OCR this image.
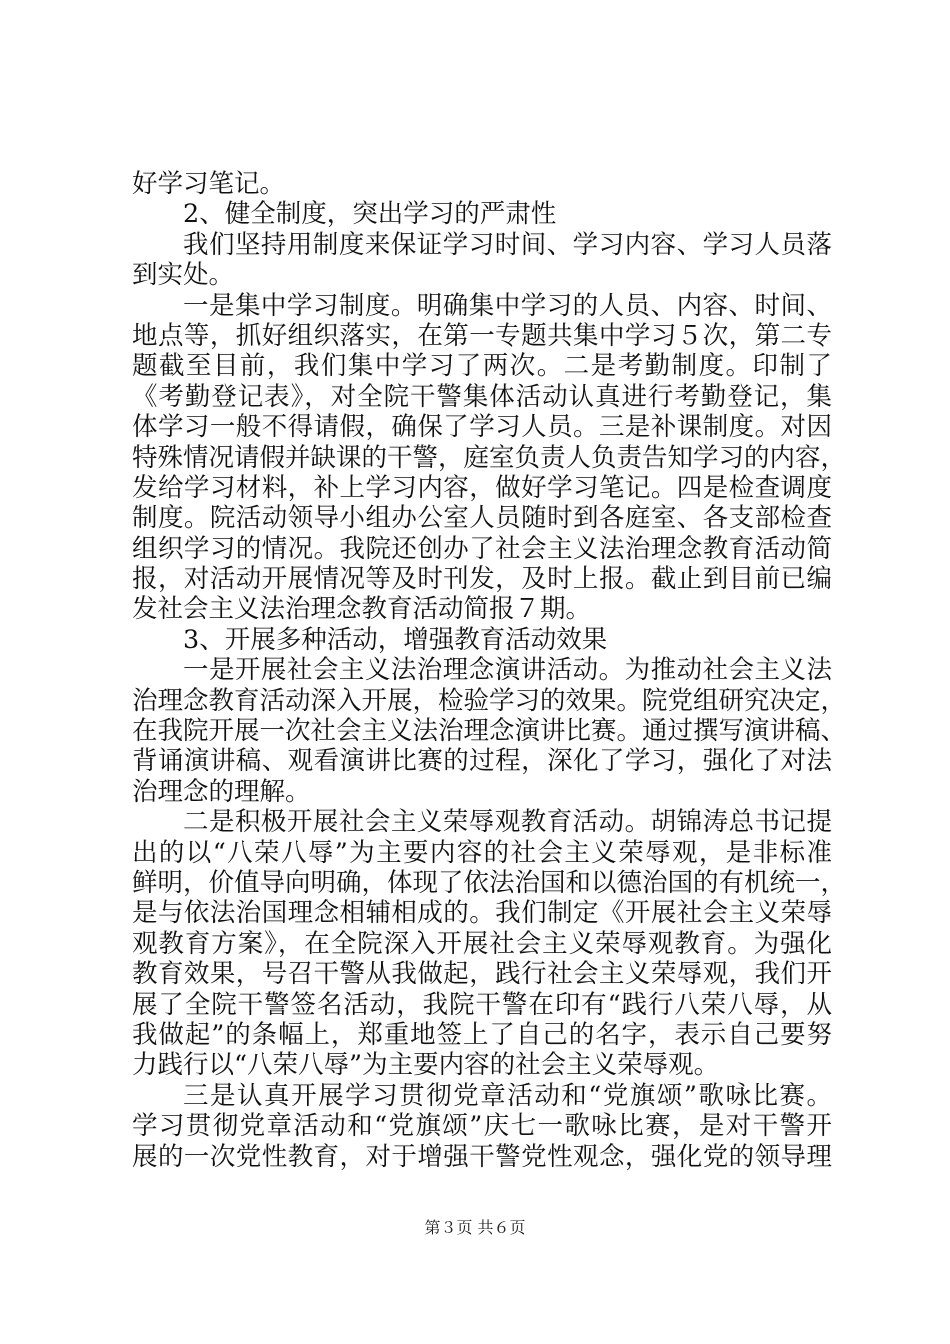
好学习笔记。
2、健全制度，突出学习的严肃性
我们坚持用制度来保证学习时间、学习内容、学习人员落
到实处。
一是集中学习制度。明确集中学习的人员、内容、时间、
地点等，抓好组织落实，在第一专题共集中学习５次，第二专
题截至目前，我们集中学习了两次。二是考勤制度。印制了
《考勤登记表》，对全院干警集体活动认真进行考勤登记，集
体学习一般不得请假，确保了学习人员。三是补课制度。对因
特殊情况请假并缺课的干警，庭室负责人负责告知学习的内容，
发给学习材料，补上学习内容，做好学习笔记。四是检查调度
制度。院活动领导小组办公室人员随时到各庭室、各支部检查
组织学习的情况。我院还创办了社会主义法治理念教育活动简
报，对活动开展情况等及时刊发，及时上报。截止到目前已编
发社会主义法治理念教育活动简报７期。
3、开展多种活动，增强教育活动效果
一是开展社会主义法治理念演讲活动。为推动社会主义法
治理念教育活动深入开展，检验学习的效果。院党组研究决定，
在我院开展一次社会主义法治理念演讲比赛。通过撰写演讲稿、
背诵演讲稿、观看演讲比赛的过程，深化了学习，强化了对法
治理念的理解。
二是积极开展社会主义荣辱观教育活动。胡锦涛总书记提
出的以“八荣八辱”为主要内容的社会主义荣辱观，是非标准
鲜明，价值导向明确，体现了依法治国和以德治国的有机统一，
是与依法治国理念相辅相成的。我们制定《开展社会主义荣辱
观教育方案》，在全院深入开展社会主义荣辱观教育。为强化
教育效果，号召干警从我做起，践行社会主义荣辱观，我们开
展了全院干警签名活动，我院干警在印有“践行八荣八辱，从
我做起”的条幅上，郑重地签上了自己的名字，表示自己要努
力践行以“八荣八辱”为主要内容的社会主义荣辱观。
三是认真开展学习贯彻党章活动和“党旗颂”歌咏比赛。
学习贯彻党章活动和“党旗颂”庆七一歌咏比赛，是对干警开
展的一次党性教育，对于增强干警党性观念，强化党的领导理
第３页 共６页
